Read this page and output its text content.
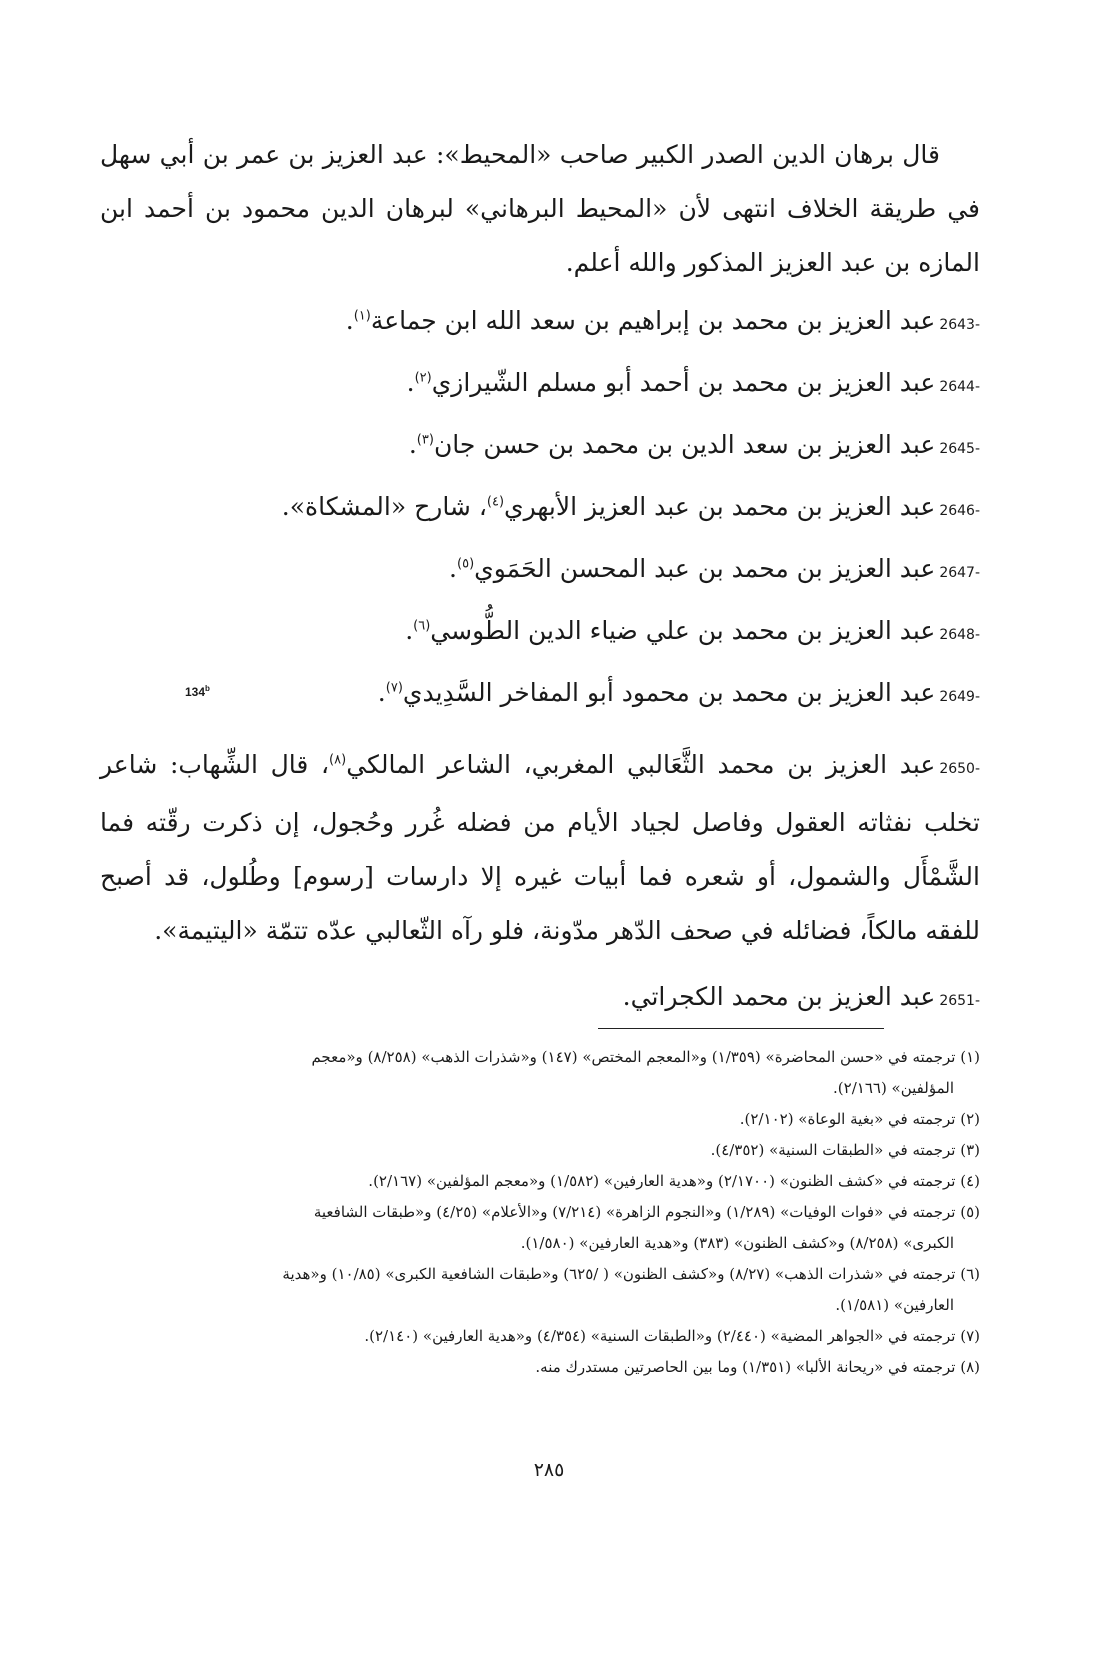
قال برهان الدين الصدر الكبير صاحب «المحيط»: عبد العزيز بن عمر بن أبي سهل في طريقة الخلاف انتهى لأن «المحيط البرهاني» لبرهان الدين محمود بن أحمد ابن المازه بن عبد العزيز المذكور والله أعلم.

2643-عبد العزيز بن محمد بن إبراهيم بن سعد الله ابن جماعة$^{(١)}$.

2644-عبد العزيز بن محمد بن أحمد أبو مسلم الشّيرازي$^{(٢)}$.

2645-عبد العزيز بن سعد الدين بن محمد بن حسن جان$^{(٣)}$.

2646-عبد العزيز بن محمد بن عبد العزيز الأبهري$^{(٤)}$، شارح «المشكاة».

2647-عبد العزيز بن محمد بن عبد المحسن الحَمَوي$^{(٥)}$.

2648-عبد العزيز بن محمد بن علي ضياء الدين الطُّوسي$^{(٦)}$.

2649-عبد العزيز بن محمد بن محمود أبو المفاخر السَّدِيدي$^{(٧)}$.

2650-عبد العزيز بن محمد الثَّعَالبي المغربي، الشاعر المالكي$^{(٨)}$، قال الشِّهاب: شاعر تخلب نفثاته العقول وفاصل لجياد الأيام من فضله غُرر وحُجول، إن ذكرت رقّته فما الشَّمْأَل والشمول، أو شعره فما أبيات غيره إلا دارسات [رسوم] وطُلول، قد أصبح للفقه مالكاً، فضائله في صحف الدّهر مدّونة، فلو رآه الثّعالبي عدّه تتمّة «اليتيمة».

2651-عبد العزيز بن محمد الكجراتي.

134$^b$

(١) ترجمته في «حسن المحاضرة» (١/٣٥٩) و«المعجم المختص» (١٤٧) و«شذرات الذهب» (٨/٢٥٨) و«معجم
المؤلفين» (٢/١٦٦).

(٢) ترجمته في «بغية الوعاة» (٢/١٠٢).

(٣) ترجمته في «الطبقات السنية» (٤/٣٥٢).

(٤) ترجمته في «كشف الظنون» (٢/١٧٠٠) و«هدية العارفين» (١/٥٨٢) و«معجم المؤلفين» (٢/١٦٧).

(٥) ترجمته في «فوات الوفيات» (١/٢٨٩) و«النجوم الزاهرة» (٧/٢١٤) و«الأعلام» (٤/٢٥) و«طبقات الشافعية
الكبرى» (٨/٢٥٨) و«كشف الظنون» (٣٨٣) و«هدية العارفين» (١/٥٨٠).

(٦) ترجمته في «شذرات الذهب» (٨/٢٧) و«كشف الظنون» ( /٦٢٥) و«طبقات الشافعية الكبرى» (١٠/٨٥) و«هدية
العارفين» (١/٥٨١).

(٧) ترجمته في «الجواهر المضية» (٢/٤٤٠) و«الطبقات السنية» (٤/٣٥٤) و«هدية العارفين» (٢/١٤٠).

(٨) ترجمته في «ريحانة الألبا» (١/٣٥١) وما بين الحاصرتين مستدرك منه.

٢٨٥
